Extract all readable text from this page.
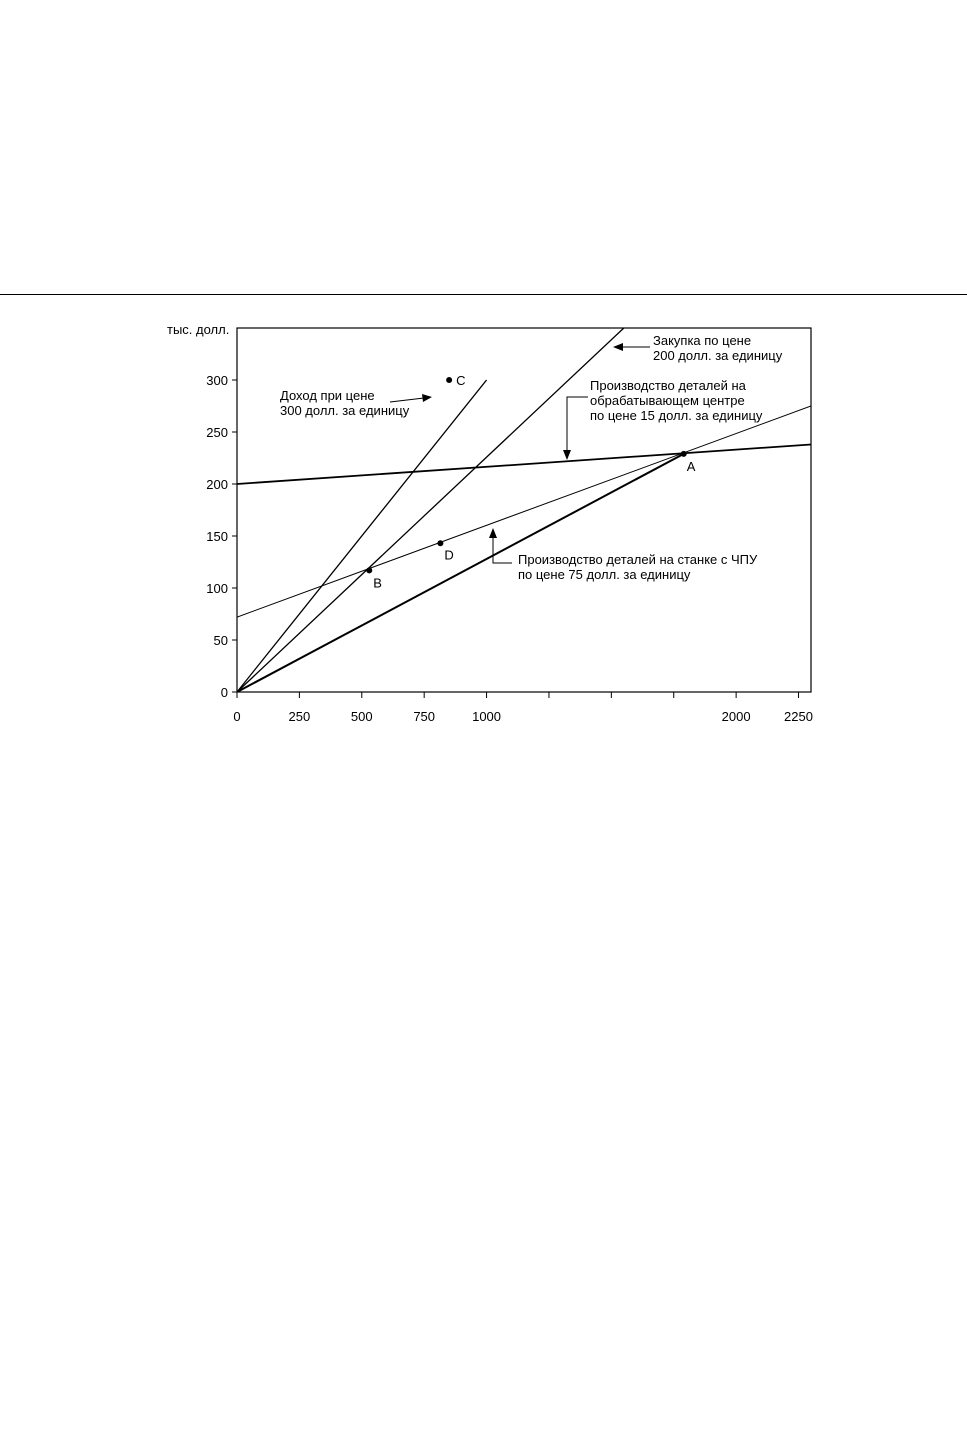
тыс. долл.
0
50
100
150
200
250
300
0	250	500	750	1000	2000	2250
C
A
B
D
Доход при цене
300 долл. за единицу
Закупка по цене
200 долл. за единицу
Производство деталей на
обрабатывающем центре
по цене 15 долл. за единицу
Производство деталей на станке с ЧПУ
по цене 75 долл. за единицу
